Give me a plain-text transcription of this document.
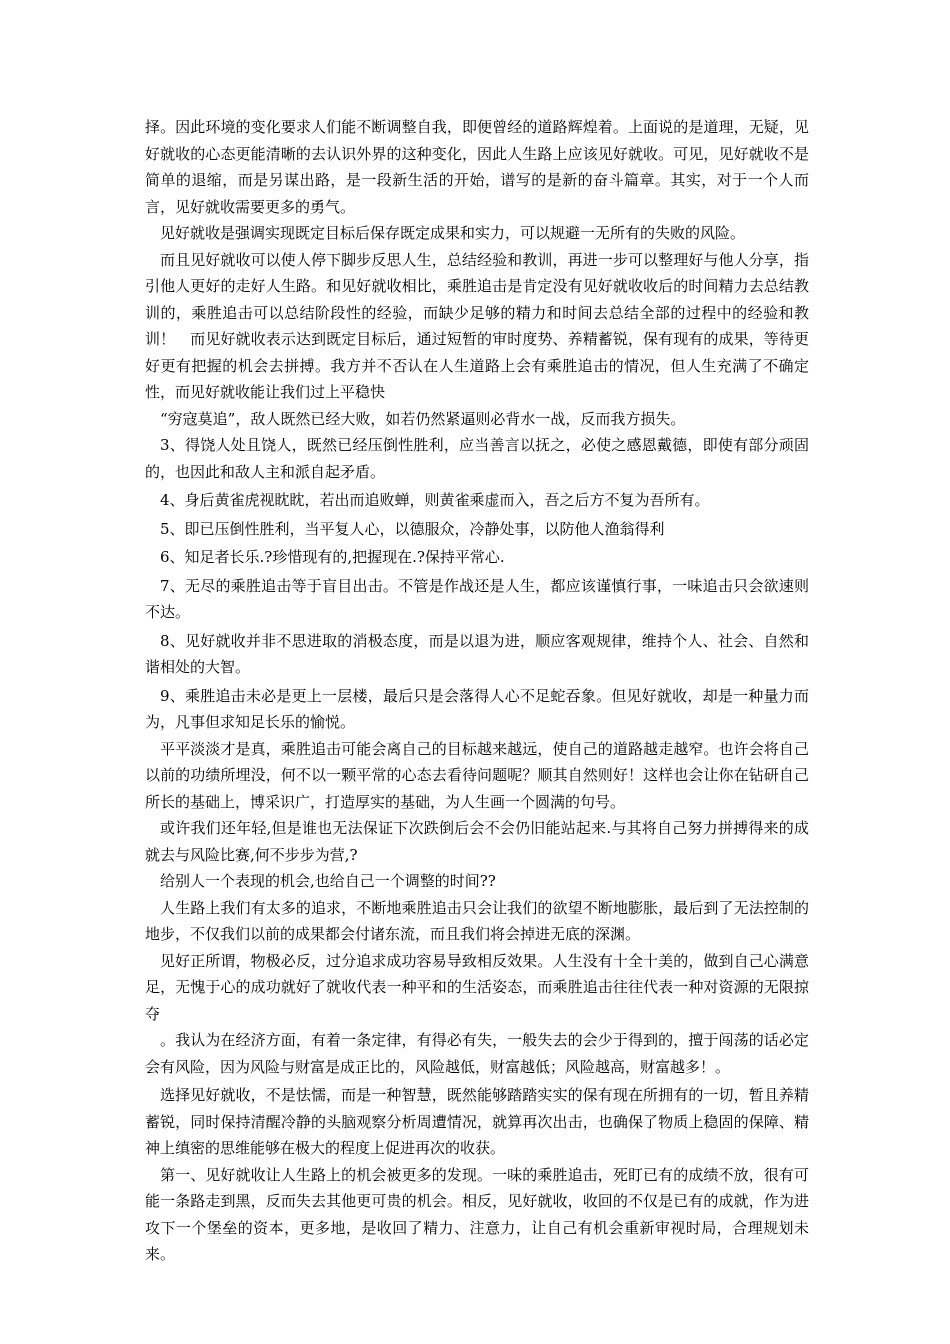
择。因此环境的变化要求人们能不断调整自我，即便曾经的道路辉煌着。上面说的是道理，无疑，见好就收的心态更能清晰的去认识外界的这种变化，因此人生路上应该见好就收。可见，见好就收不是简单的退缩，而是另谋出路，是一段新生活的开始，谱写的是新的奋斗篇章。其实，对于一个人而言，见好就收需要更多的勇气。

见好就收是强调实现既定目标后保存既定成果和实力，可以规避一无所有的失败的风险。

而且见好就收可以使人停下脚步反思人生，总结经验和教训，再进一步可以整理好与他人分享，指引他人更好的走好人生路。和见好就收相比，乘胜追击是肯定没有见好就收收后的时间精力去总结教训的，乘胜追击可以总结阶段性的经验，而缺少足够的精力和时间去总结全部的过程中的经验和教训！　而见好就收表示达到既定目标后，通过短暂的审时度势、养精蓄锐，保有现有的成果，等待更好更有把握的机会去拼搏。我方并不否认在人生道路上会有乘胜追击的情况，但人生充满了不确定性，而见好就收能让我们过上平稳快

“穷寇莫追”，敌人既然已经大败，如若仍然紧逼则必背水一战，反而我方损失。

3、得饶人处且饶人，既然已经压倒性胜利，应当善言以抚之，必使之感恩戴德，即使有部分顽固的，也因此和敌人主和派自起矛盾。

4、身后黄雀虎视眈眈，若出而追败蝉，则黄雀乘虚而入，吾之后方不复为吾所有。

5、即已压倒性胜利，当平复人心，以德服众，冷静处事，以防他人渔翁得利

6、知足者长乐.?珍惜现有的,把握现在.?保持平常心.

7、无尽的乘胜追击等于盲目出击。不管是作战还是人生，都应该谨慎行事，一味追击只会欲速则不达。

8、见好就收并非不思进取的消极态度，而是以退为进，顺应客观规律，维持个人、社会、自然和谐相处的大智。

9、乘胜追击未必是更上一层楼，最后只是会落得人心不足蛇吞象。但见好就收，却是一种量力而为，凡事但求知足长乐的愉悦。

平平淡淡才是真，乘胜追击可能会离自己的目标越来越远，使自己的道路越走越窄。也许会将自己以前的功绩所埋没，何不以一颗平常的心态去看待问题呢？顺其自然则好！这样也会让你在钻研自己所长的基础上，博采识广，打造厚实的基础，为人生画一个圆满的句号。

或许我们还年轻,但是谁也无法保证下次跌倒后会不会仍旧能站起来.与其将自己努力拼搏得来的成就去与风险比赛,何不步步为营,?

给别人一个表现的机会,也给自己一个调整的时间??

人生路上我们有太多的追求，不断地乘胜追击只会让我们的欲望不断地膨胀，最后到了无法控制的地步，不仅我们以前的成果都会付诸东流，而且我们将会掉进无底的深渊。

见好正所谓，物极必反，过分追求成功容易导致相反效果。人生没有十全十美的，做到自己心满意足，无愧于心的成功就好了就收代表一种平和的生活姿态，而乘胜追击往往代表一种对资源的无限掠夺

。我认为在经济方面，有着一条定律，有得必有失，一般失去的会少于得到的，擅于闯荡的话必定会有风险，因为风险与财富是成正比的，风险越低，财富越低；风险越高，财富越多！。

选择见好就收，不是怯懦，而是一种智慧，既然能够踏踏实实的保有现在所拥有的一切，暂且养精蓄锐，同时保持清醒冷静的头脑观察分析周遭情况，就算再次出击，也确保了物质上稳固的保障、精神上缜密的思维能够在极大的程度上促进再次的收获。

第一、见好就收让人生路上的机会被更多的发现。一味的乘胜追击，死盯已有的成绩不放，很有可能一条路走到黑，反而失去其他更可贵的机会。相反，见好就收，收回的不仅是已有的成就，作为进攻下一个堡垒的资本，更多地，是收回了精力、注意力，让自己有机会重新审视时局，合理规划未来。
